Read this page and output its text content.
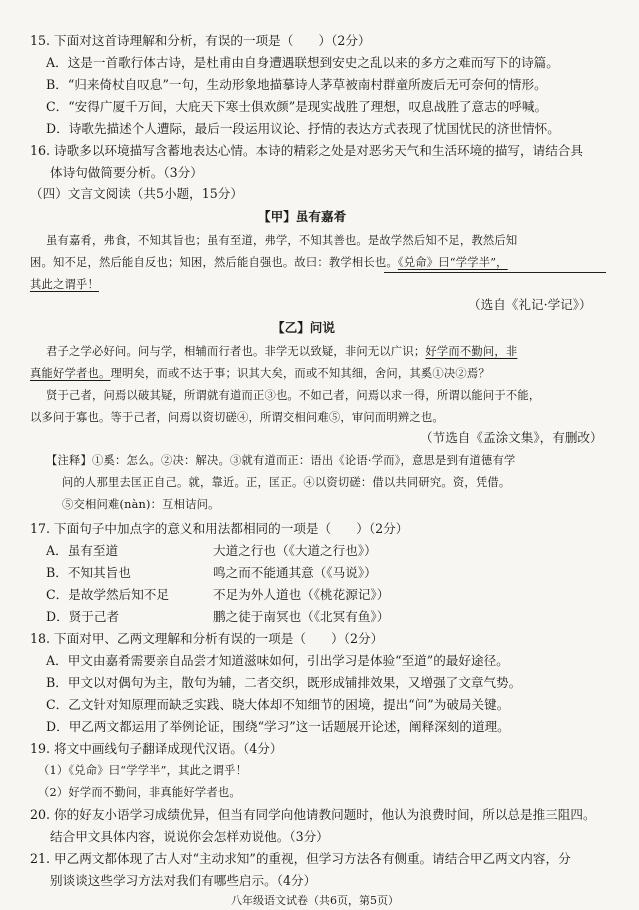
15. 下面对这首诗理解和分析，有误的一项是（　　）（2分）
A．这是一首歌行体古诗，是杜甫由自身遭遇联想到安史之乱以来的多方之难而写下的诗篇。
B．“归来倚杖自叹息”一句，生动形象地描摹诗人茅草被南村群童所废后无可奈何的情形。
C．“安得广厦千万间，大庇天下寒士俱欢颜”是现实战胜了理想，叹息战胜了意志的呼喊。
D．诗歌先描述个人遭际，最后一段运用议论、抒情的表达方式表现了忧国忧民的济世情怀。
16. 诗歌多以环境描写含蓄地表达心情。本诗的精彩之处是对恶劣天气和生活环境的描写，请结合具
体诗句做简要分析。（3分）
（四）文言文阅读（共5小题，15分）
【甲】虽有嘉肴
虽有嘉肴，弗食，不知其旨也；虽有至道，弗学，不知其善也。是故学然后知不足，教然后知
困。知不足，然后能自反也；知困，然后能自强也。故曰：教学相长也。《兑命》曰“学学半”，
其此之谓乎！
（选自《礼记·学记》）
【乙】问说
君子之学必好问。问与学，相辅而行者也。非学无以致疑，非问无以广识；好学而不勤问，非
真能好学者也。理明矣，而或不达于事；识其大矣，而或不知其细，舍问，其奚①决②焉？
贤于己者，问焉以破其疑，所谓就有道而正③也。不如己者，问焉以求一得，所谓以能问于不能，
以多问于寡也。等于己者，问焉以资切磋④，所谓交相问难⑤，审问而明辨之也。
（节选自《孟涂文集》，有删改）
【注释】①奚：怎么。②决：解决。③就有道而正：语出《论语·学而》，意思是到有道德有学
问的人那里去匡正自己。就，靠近。正，匡正。④以资切磋：借以共同研究。资，凭借。
⑤交相问难(nàn)：互相诘问。
17. 下面句子中加点字的意义和用法都相同的一项是（　　）（2分）
A．虽有至道	大道之行也（《大道之行也》）
B．不知其旨也	鸣之而不能通其意（《马说》）
C．是故学然后知不足	不足为外人道也（《桃花源记》）
D．贤于己者	鹏之徒于南冥也（《北冥有鱼》）
18. 下面对甲、乙两文理解和分析有误的一项是（　　）（2分）
A．甲文由嘉肴需要亲自品尝才知道滋味如何，引出学习是体验“至道”的最好途径。
B．甲文以对偶句为主，散句为辅，二者交织，既形成铺排效果，又增强了文章气势。
C．乙文针对知原理而缺乏实践、晓大体却不知细节的困境，提出“问”为破局关键。
D．甲乙两文都运用了举例论证，围绕“学习”这一话题展开论述，阐释深刻的道理。
19. 将文中画线句子翻译成现代汉语。（4分）
（1）《兑命》曰“学学半”，其此之谓乎！
（2）好学而不勤问，非真能好学者也。
20. 你的好友小语学习成绩优异，但当有同学向他请教问题时，他认为浪费时间，所以总是推三阻四。
结合甲文具体内容，说说你会怎样劝说他。（3分）
21. 甲乙两文都体现了古人对“主动求知”的重视，但学习方法各有侧重。请结合甲乙两文内容，分
别谈谈这些学习方法对我们有哪些启示。（4分）
八年级语文试卷（共6页，第5页）
